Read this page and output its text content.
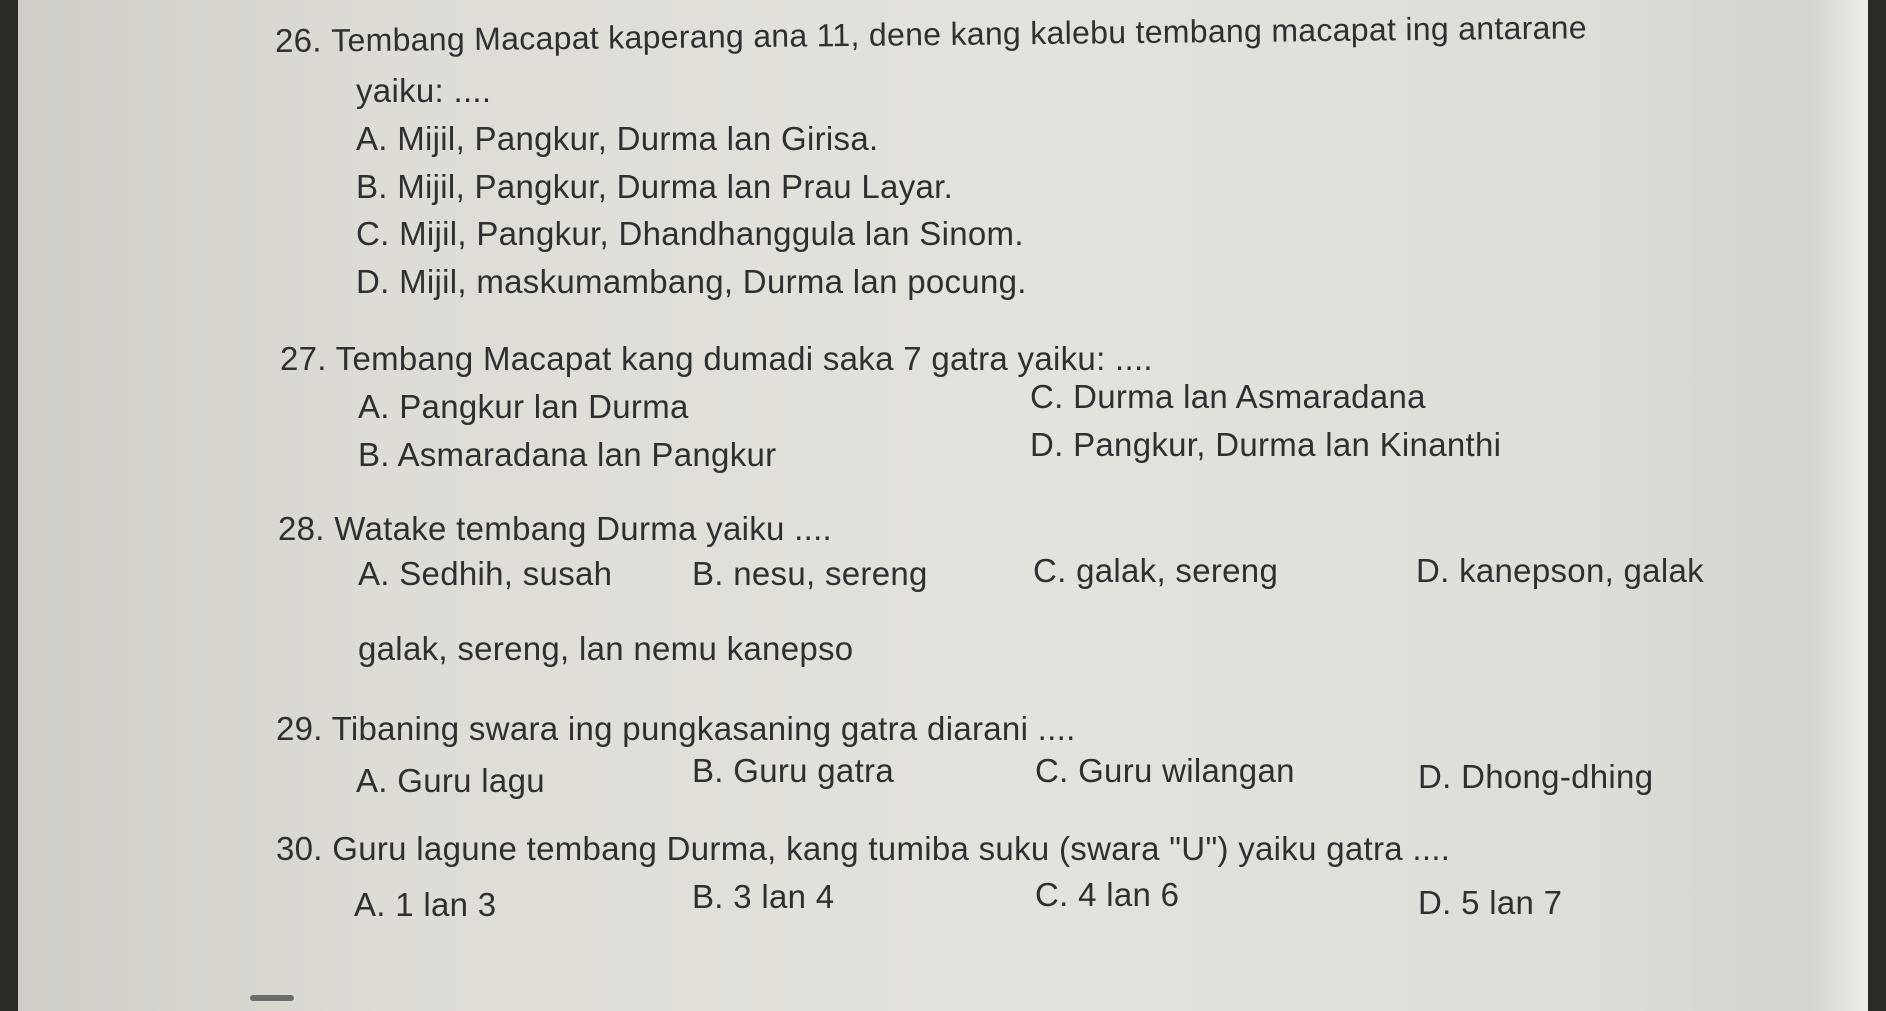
26. Tembang Macapat kaperang ana 11, dene kang kalebu tembang macapat ing antarane
yaiku: ....
A. Mijil, Pangkur, Durma lan Girisa.
B. Mijil, Pangkur, Durma lan Prau Layar.
C. Mijil, Pangkur, Dhandhanggula lan Sinom.
D. Mijil, maskumambang, Durma lan pocung.
27. Tembang Macapat kang dumadi saka 7 gatra yaiku: ....
A. Pangkur lan Durma	C. Durma lan Asmaradana
B. Asmaradana lan Pangkur	D. Pangkur, Durma lan Kinanthi
28. Watake tembang Durma yaiku ....
A. Sedhih, susah B. nesu, sereng	C. galak, sereng	D. kanepson, galak
galak, sereng, lan nemu kanepso
29. Tibaning swara ing pungkasaning gatra diarani ....
A. Guru lagu	B. Guru gatra	C. Guru wilangan	D. Dhong-dhing
30. Guru lagune tembang Durma, kang tumiba suku (swara "U") yaiku gatra ....
A. 1 lan 3	B. 3 lan 4	C. 4 lan 6	D. 5 lan 7
